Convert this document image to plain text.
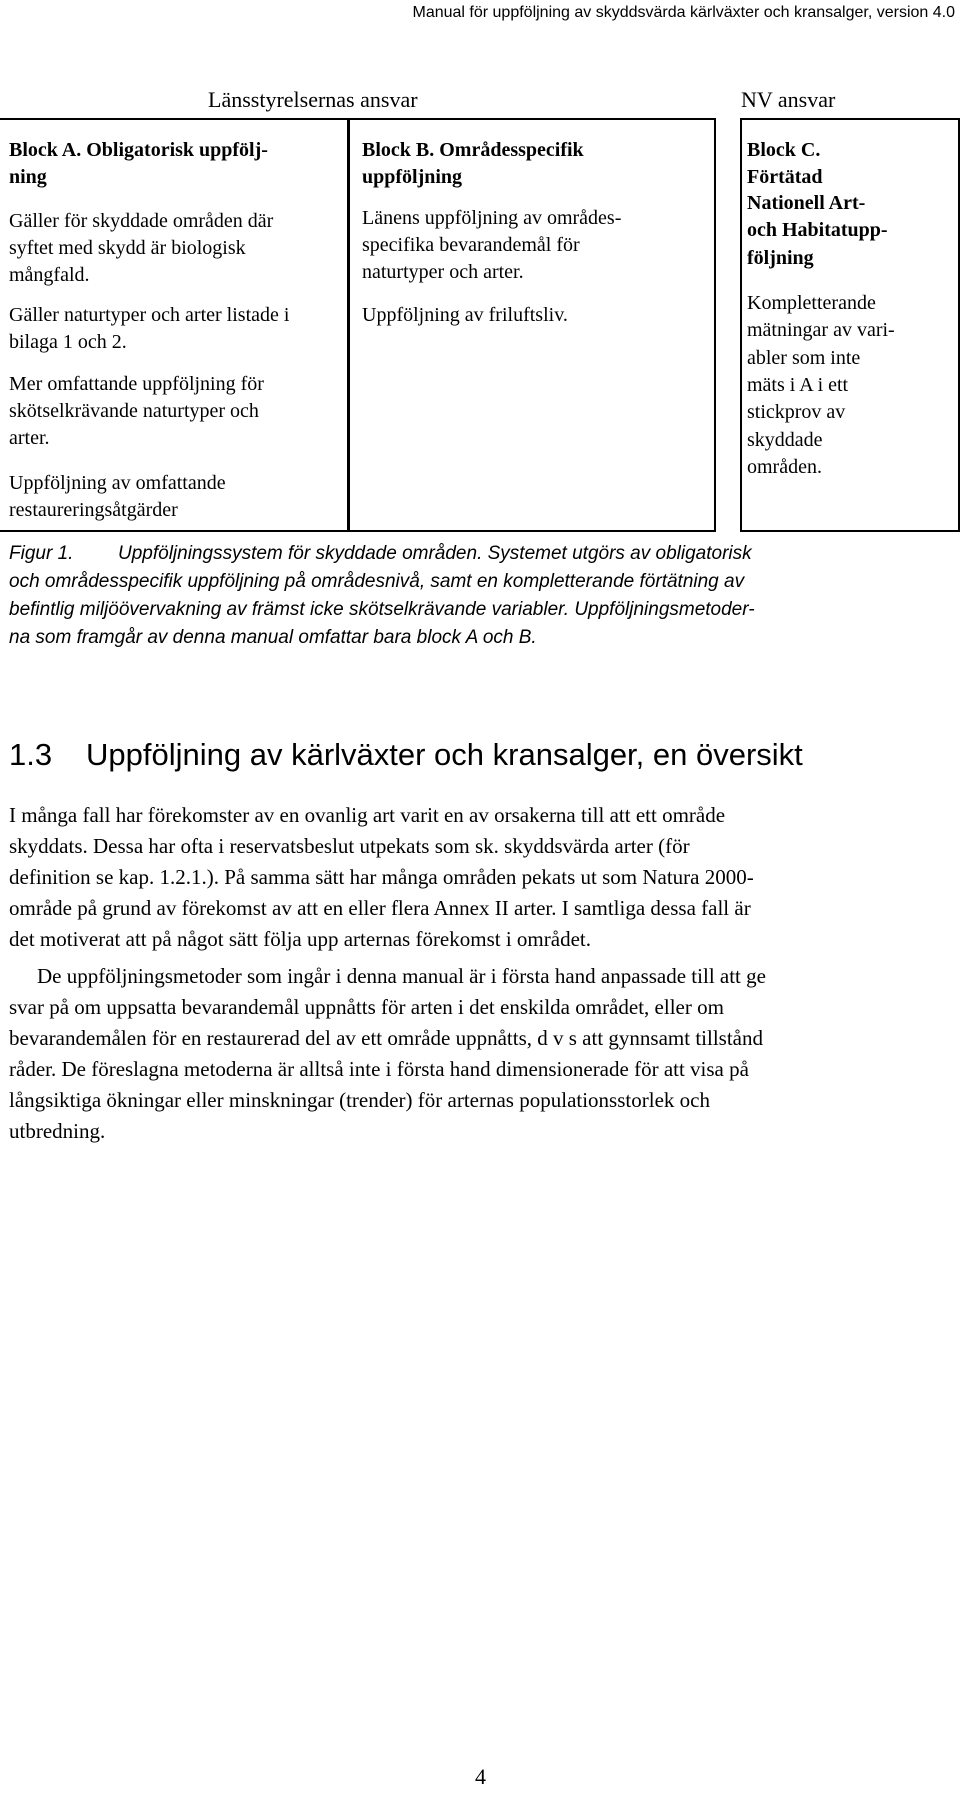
Manual för uppföljning av skyddsvärda kärlväxter och kransalger, version 4.0
Länsstyrelsernas ansvar	NV ansvar
Block A. Obligatorisk uppfölj-
ning
Gäller för skyddade områden där
syftet med skydd är biologisk
mångfald.
Gäller naturtyper och arter listade i
bilaga 1 och 2.
Mer omfattande uppföljning för
skötselkrävande naturtyper och
arter.
Uppföljning av omfattande
restaureringsåtgärder
Block B. Områdesspecifik
uppföljning
Länens uppföljning av områdes-
specifika bevarandemål för
naturtyper och arter.
Uppföljning av friluftsliv.
Block C.
Förtätad
Nationell Art-
och Habitatupp-
följning
Kompletterande
mätningar av vari-
abler som inte
mäts i A i ett
stickprov av
skyddade
områden.
Figur 1. Uppföljningssystem för skyddade områden. Systemet utgörs av obligatorisk
och områdesspecifik uppföljning på områdesnivå, samt en kompletterande förtätning av
befintlig miljöövervakning av främst icke skötselkrävande variabler. Uppföljningsmetoder-
na som framgår av denna manual omfattar bara block A och B.
1.3 Uppföljning av kärlväxter och kransalger, en översikt
I många fall har förekomster av en ovanlig art varit en av orsakerna till att ett område
skyddats. Dessa har ofta i reservatsbeslut utpekats som sk. skyddsvärda arter (för
definition se kap. 1.2.1.). På samma sätt har många områden pekats ut som Natura 2000-
område på grund av förekomst av att en eller flera Annex II arter. I samtliga dessa fall är
det motiverat att på något sätt följa upp arternas förekomst i området.
De uppföljningsmetoder som ingår i denna manual är i första hand anpassade till att ge
svar på om uppsatta bevarandemål uppnåtts för arten i det enskilda området, eller om
bevarandemålen för en restaurerad del av ett område uppnåtts, d v s att gynnsamt tillstånd
råder. De föreslagna metoderna är alltså inte i första hand dimensionerade för att visa på
långsiktiga ökningar eller minskningar (trender) för arternas populationsstorlek och
utbredning.
4
